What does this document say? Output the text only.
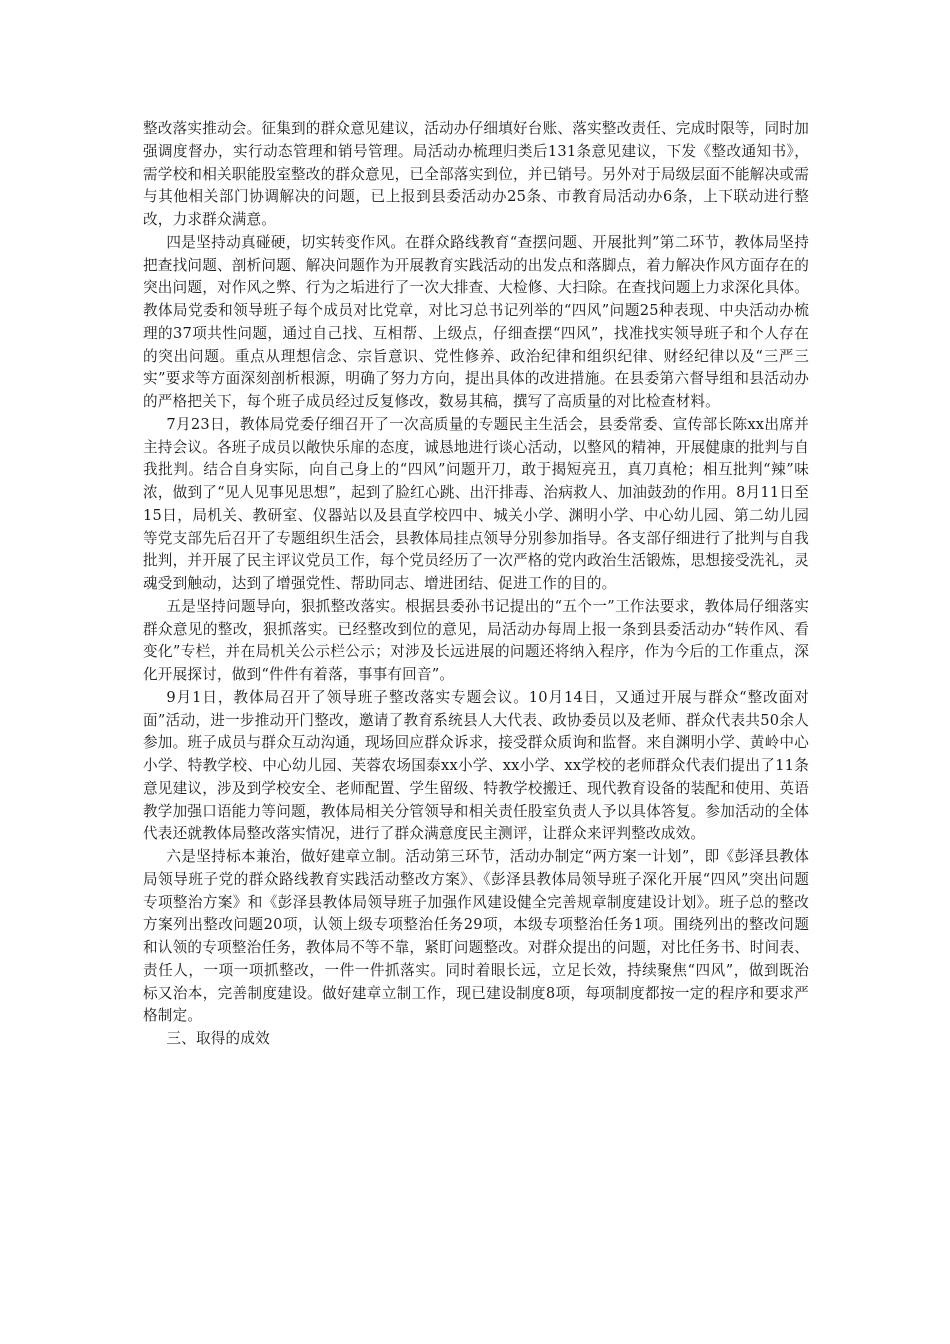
整改落实推动会。征集到的群众意见建议，活动办仔细填好台账、落实整改责任、完成时限等，同时加强调度督办，实行动态管理和销号管理。局活动办梳理归类后131条意见建议，下发《整改通知书》，需学校和相关职能股室整改的群众意见，已全部落实到位，并已销号。另外对于局级层面不能解决或需与其他相关部门协调解决的问题，已上报到县委活动办25条、市教育局活动办6条，上下联动进行整改，力求群众满意。

四是坚持动真碰硬，切实转变作风。在群众路线教育“查摆问题、开展批判”第二环节，教体局坚持把查找问题、剖析问题、解决问题作为开展教育实践活动的出发点和落脚点，着力解决作风方面存在的突出问题，对作风之弊、行为之垢进行了一次大排查、大检修、大扫除。在查找问题上力求深化具体。教体局党委和领导班子每个成员对比党章，对比习总书记列举的“四风”问题25种表现、中央活动办梳理的37项共性问题，通过自己找、互相帮、上级点，仔细查摆“四风”，找准找实领导班子和个人存在的突出问题。重点从理想信念、宗旨意识、党性修养、政治纪律和组织纪律、财经纪律以及“三严三实”要求等方面深刻剖析根源，明确了努力方向，提出具体的改进措施。在县委第六督导组和县活动办的严格把关下，每个班子成员经过反复修改，数易其稿，撰写了高质量的对比检查材料。

7月23日，教体局党委仔细召开了一次高质量的专题民主生活会，县委常委、宣传部长陈xx出席并主持会议。各班子成员以敞快乐扉的态度，诚恳地进行谈心活动，以整风的精神，开展健康的批判与自我批判。结合自身实际，向自己身上的“四风”问题开刀，敢于揭短亮丑，真刀真枪；相互批判“辣”味浓，做到了“见人见事见思想”，起到了脸红心跳、出汗排毒、治病救人、加油鼓劲的作用。8月11日至15日，局机关、教研室、仪器站以及县直学校四中、城关小学、渊明小学、中心幼儿园、第二幼儿园等党支部先后召开了专题组织生活会，县教体局挂点领导分别参加指导。各支部仔细进行了批判与自我批判，并开展了民主评议党员工作，每个党员经历了一次严格的党内政治生活锻炼，思想接受洗礼，灵魂受到触动，达到了增强党性、帮助同志、增进团结、促进工作的目的。

五是坚持问题导向，狠抓整改落实。根据县委孙书记提出的“五个一”工作法要求，教体局仔细落实群众意见的整改，狠抓落实。已经整改到位的意见，局活动办每周上报一条到县委活动办“转作风、看变化”专栏，并在局机关公示栏公示；对涉及长远进展的问题还将纳入程序，作为今后的工作重点，深化开展探讨，做到“件件有着落，事事有回音”。

9月1日，教体局召开了领导班子整改落实专题会议。10月14日，又通过开展与群众“整改面对面”活动，进一步推动开门整改，邀请了教育系统县人大代表、政协委员以及老师、群众代表共50余人参加。班子成员与群众互动沟通，现场回应群众诉求，接受群众质询和监督。来自渊明小学、黄岭中心小学、特教学校、中心幼儿园、芙蓉农场国泰xx小学、xx小学、xx学校的老师群众代表们提出了11条意见建议，涉及到学校安全、老师配置、学生留级、特教学校搬迁、现代教育设备的装配和使用、英语教学加强口语能力等问题，教体局相关分管领导和相关责任股室负责人予以具体答复。参加活动的全体代表还就教体局整改落实情况，进行了群众满意度民主测评，让群众来评判整改成效。

六是坚持标本兼治，做好建章立制。活动第三环节，活动办制定“两方案一计划”，即《彭泽县教体局领导班子党的群众路线教育实践活动整改方案》、《彭泽县教体局领导班子深化开展“四风”突出问题专项整治方案》和《彭泽县教体局领导班子加强作风建设健全完善规章制度建设计划》。班子总的整改方案列出整改问题20项，认领上级专项整治任务29项，本级专项整治任务1项。围绕列出的整改问题和认领的专项整治任务，教体局不等不靠，紧盯问题整改。对群众提出的问题，对比任务书、时间表、责任人，一项一项抓整改，一件一件抓落实。同时着眼长远，立足长效，持续聚焦“四风”，做到既治标又治本，完善制度建设。做好建章立制工作，现已建设制度8项，每项制度都按一定的程序和要求严格制定。

三、取得的成效
